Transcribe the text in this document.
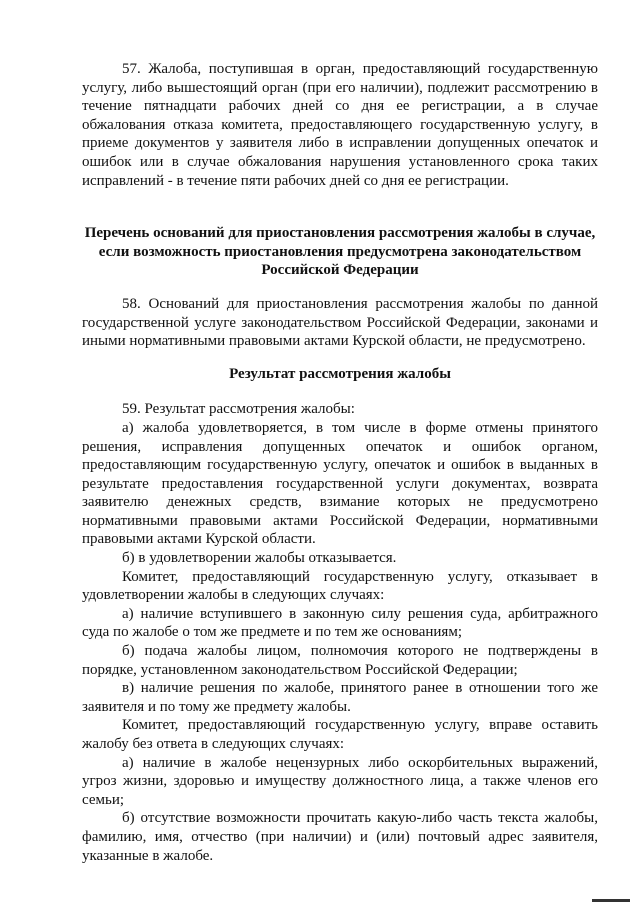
57. Жалоба, поступившая в орган, предоставляющий государственную услугу, либо вышестоящий орган (при его наличии), подлежит рассмотрению в течение пятнадцати рабочих дней со дня ее регистрации, а в случае обжалования отказа комитета, предоставляющего государственную услугу, в приеме документов у заявителя либо в исправлении допущенных опечаток и ошибок или в случае обжалования нарушения установленного срока таких исправлений - в течение пяти рабочих дней со дня ее регистрации.

Перечень оснований для приостановления рассмотрения жалобы в случае, если возможность приостановления предусмотрена законодательством Российской Федерации

58. Оснований для приостановления рассмотрения жалобы по данной государственной услуге законодательством Российской Федерации, законами и иными нормативными правовыми актами Курской области, не предусмотрено.

Результат рассмотрения жалобы

59. Результат рассмотрения жалобы:

а) жалоба удовлетворяется, в том числе в форме отмены принятого решения, исправления допущенных опечаток и ошибок органом, предоставляющим государственную услугу, опечаток и ошибок в выданных в результате предоставления государственной услуги документах, возврата заявителю денежных средств, взимание которых не предусмотрено нормативными правовыми актами Российской Федерации, нормативными правовыми актами Курской области.

б) в удовлетворении жалобы отказывается.

Комитет, предоставляющий государственную услугу, отказывает в удовлетворении жалобы в следующих случаях:

а) наличие вступившего в законную силу решения суда, арбитражного суда по жалобе о том же предмете и по тем же основаниям;

б) подача жалобы лицом, полномочия которого не подтверждены в порядке, установленном законодательством Российской Федерации;

в) наличие решения по жалобе, принятого ранее в отношении того же заявителя и по тому же предмету жалобы.

Комитет, предоставляющий государственную услугу, вправе оставить жалобу без ответа в следующих случаях:

а) наличие в жалобе нецензурных либо оскорбительных выражений, угроз жизни, здоровью и имуществу должностного лица, а также членов его семьи;

б) отсутствие возможности прочитать какую-либо часть текста жалобы, фамилию, имя, отчество (при наличии) и (или) почтовый адрес заявителя, указанные в жалобе.
